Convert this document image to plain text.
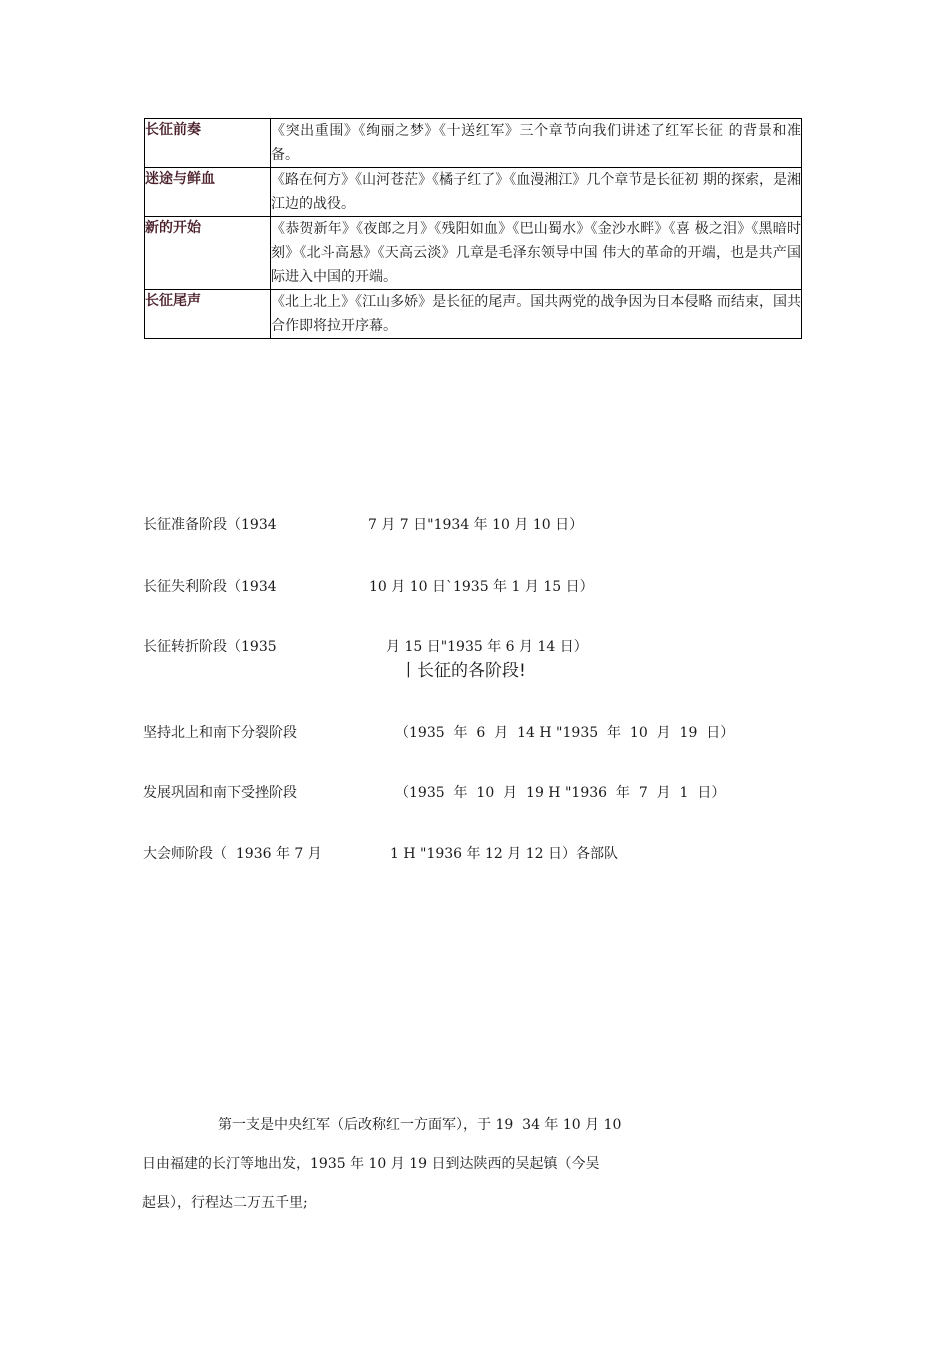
长征前奏	《突出重围》《绚丽之梦》《十送红军》三个章节向我们讲述了红军长征 的背景和准备。
迷途与鲜血	《路在何方》《山河苍茫》《橘子红了》《血漫湘江》几个章节是长征初 期的探索，是湘江边的战役。
新的开始	《恭贺新年》《夜郎之月》《残阳如血》《巴山蜀水》《金沙水畔》《喜 极之泪》《黑暗时刻》《北斗高悬》《天高云淡》几章是毛泽东领导中国 伟大的革命的开端，也是共产国际进入中国的开端。
长征尾声	《北上北上》《江山多娇》是长征的尾声。国共两党的战争因为日本侵略 而结束，国共合作即将拉开序幕。
长征准备阶段（1934	7 月 7 日"1934 年 10 月 10 日）
长征失利阶段（1934	10 月 10 日`1935 年 1 月 15 日）
长征转折阶段（1935	月 15 日"1935 年 6 月 14 日）
丨长征的各阶段!
坚持北上和南下分裂阶段	（1935  年  6  月  14 H "1935  年  10  月  19  日）
发展巩固和南下受挫阶段	（1935  年  10  月  19 H "1936  年  7  月  1  日）
大会师阶段（  1936 年 7 月	1 H "1936 年 12 月 12 日）各部队
第一支是中央红军（后改称红一方面军），于 19  34 年 10 月 10
日由福建的长汀等地出发，1935 年 10 月 19 日到达陕西的吴起镇（今吴
起县），行程达二万五千里;
